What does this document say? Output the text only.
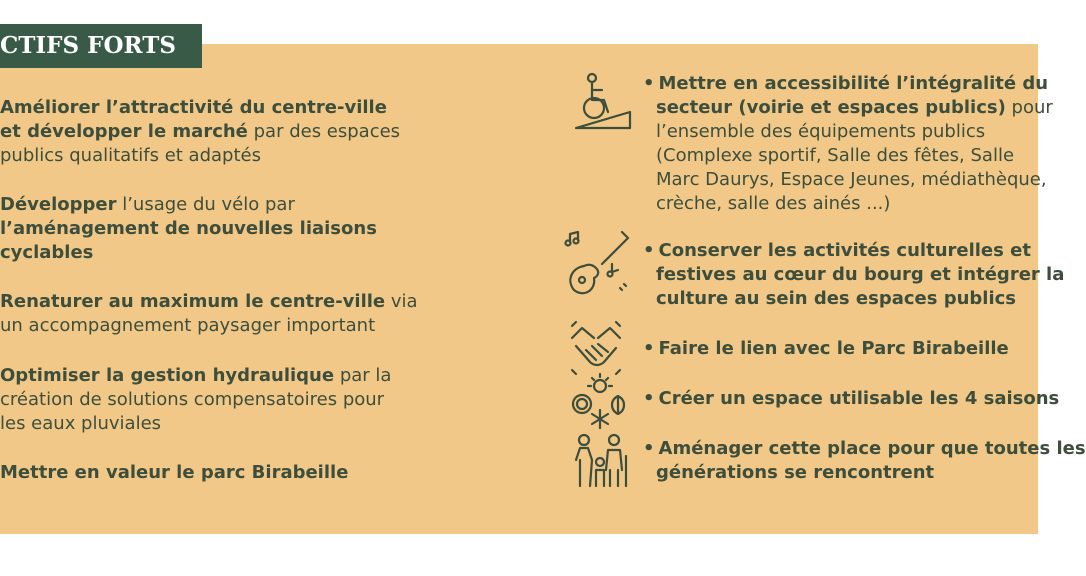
CTIFS FORTS
Améliorer l’attractivité du centre-ville
et développer le marché par des espaces
publics qualitatifs et adaptés
Développer l’usage du vélo par
l’aménagement de nouvelles liaisons
cyclables
Renaturer au maximum le centre-ville via
un accompagnement paysager important
Optimiser la gestion hydraulique par la
création de solutions compensatoires pour
les eaux pluviales
Mettre en valeur le parc Birabeille
• Mettre en accessibilité l’intégralité du
secteur (voirie et espaces publics) pour
l’ensemble des équipements publics
(Complexe sportif, Salle des fêtes, Salle
Marc Daurys, Espace Jeunes, médiathèque,
crèche, salle des ainés ...)
• Conserver les activités culturelles et
festives au cœur du bourg et intégrer la
culture au sein des espaces publics
• Faire le lien avec le Parc Birabeille
• Créer un espace utilisable les 4 saisons
• Aménager cette place pour que toutes les
générations se rencontrent
